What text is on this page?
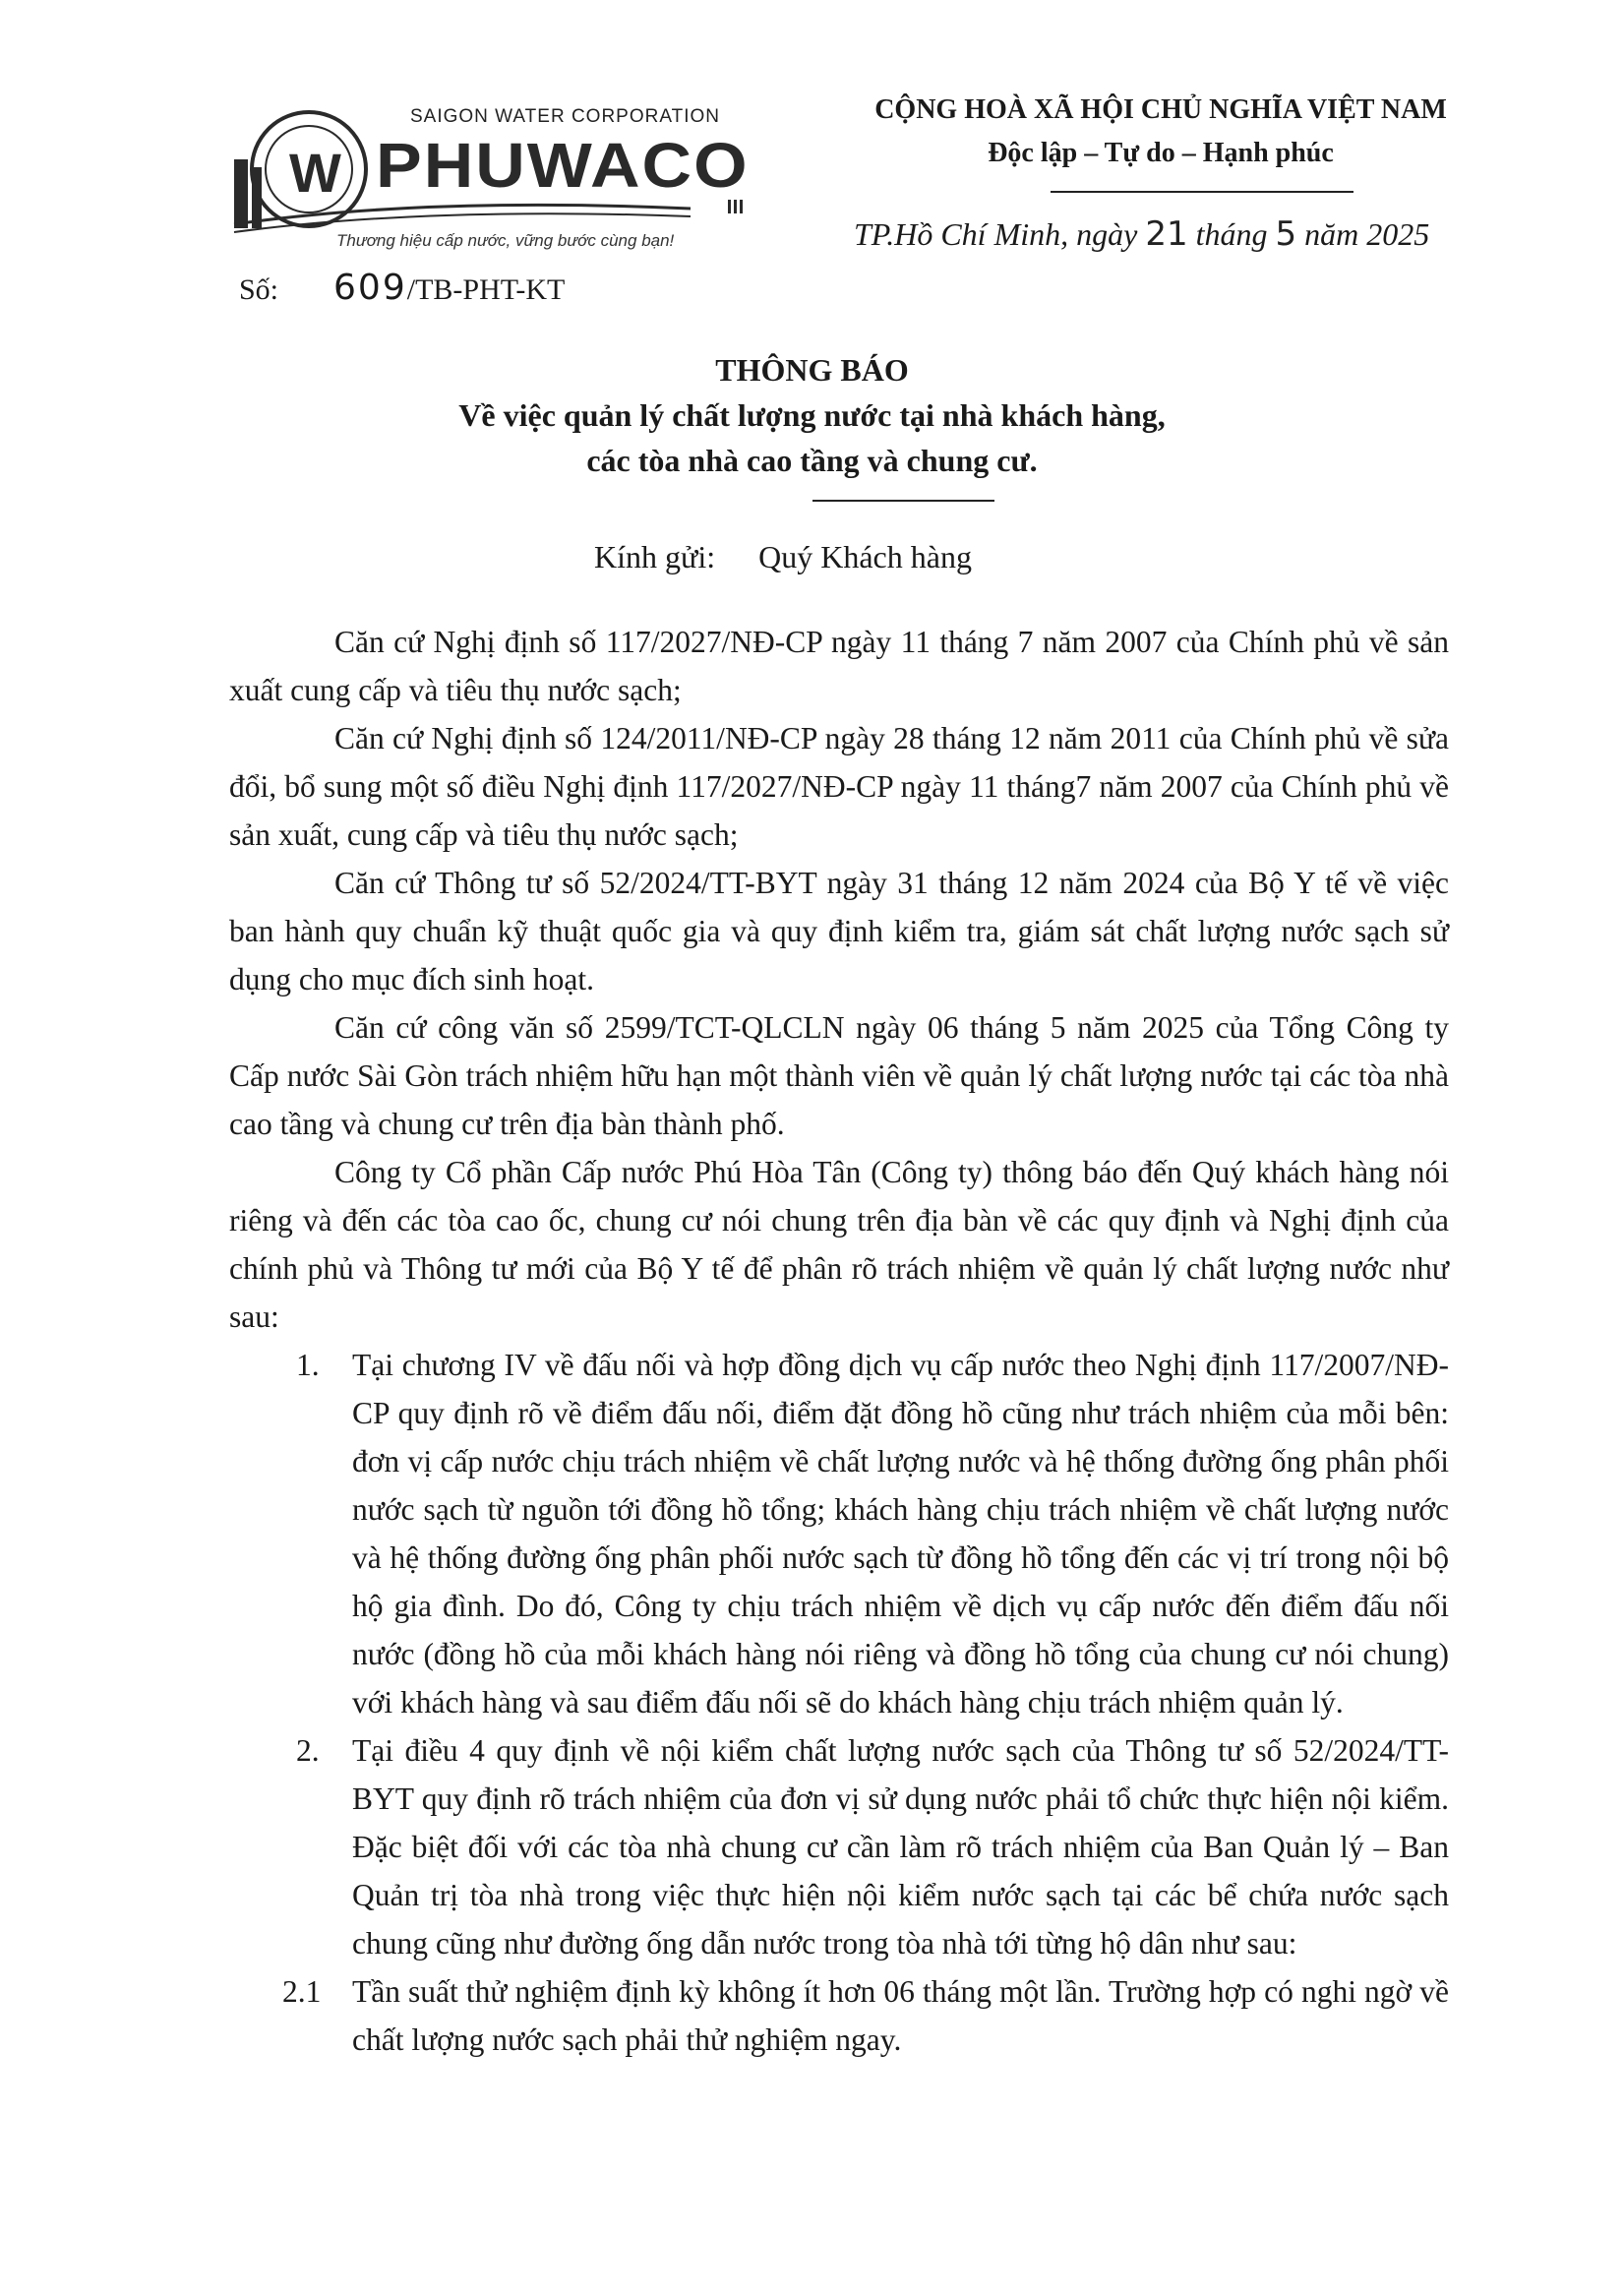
W
SAIGON WATER CORPORATION
PHUWACO
Thương hiệu cấp nước, vững bước cùng bạn!
CỘNG HOÀ XÃ HỘI CHỦ NGHĨA VIỆT NAM
Độc lập – Tự do – Hạnh phúc
TP.Hồ Chí Minh, ngày 21 tháng 5 năm 2025
Số: 609/TB-PHT-KT
THÔNG BÁO
Về việc quản lý chất lượng nước tại nhà khách hàng,
các tòa nhà cao tầng và chung cư.
Kính gửi: Quý Khách hàng

Căn cứ Nghị định số 117/2027/NĐ-CP ngày 11 tháng 7 năm 2007 của Chính phủ về sản xuất cung cấp và tiêu thụ nước sạch;

Căn cứ Nghị định số 124/2011/NĐ-CP ngày 28 tháng 12 năm 2011 của Chính phủ về sửa đổi, bổ sung một số điều Nghị định 117/2027/NĐ-CP ngày 11 tháng7 năm 2007 của Chính phủ về sản xuất, cung cấp và tiêu thụ nước sạch;

Căn cứ Thông tư số 52/2024/TT-BYT ngày 31 tháng 12 năm 2024 của Bộ Y tế về việc ban hành quy chuẩn kỹ thuật quốc gia và quy định kiểm tra, giám sát chất lượng nước sạch sử dụng cho mục đích sinh hoạt.

Căn cứ công văn số 2599/TCT-QLCLN ngày 06 tháng 5 năm 2025 của Tổng Công ty Cấp nước Sài Gòn trách nhiệm hữu hạn một thành viên về quản lý chất lượng nước tại các tòa nhà cao tầng và chung cư trên địa bàn thành phố.

Công ty Cổ phần Cấp nước Phú Hòa Tân (Công ty) thông báo đến Quý khách hàng nói riêng và đến các tòa cao ốc, chung cư nói chung trên địa bàn về các quy định và Nghị định của chính phủ và Thông tư mới của Bộ Y tế để phân rõ trách nhiệm về quản lý chất lượng nước như sau:

1. Tại chương IV về đấu nối và hợp đồng dịch vụ cấp nước theo Nghị định 117/2007/NĐ-CP quy định rõ về điểm đấu nối, điểm đặt đồng hồ cũng như trách nhiệm của mỗi bên: đơn vị cấp nước chịu trách nhiệm về chất lượng nước và hệ thống đường ống phân phối nước sạch từ nguồn tới đồng hồ tổng; khách hàng chịu trách nhiệm về chất lượng nước và hệ thống đường ống phân phối nước sạch từ đồng hồ tổng đến các vị trí trong nội bộ hộ gia đình. Do đó, Công ty chịu trách nhiệm về dịch vụ cấp nước đến điểm đấu nối nước (đồng hồ của mỗi khách hàng nói riêng và đồng hồ tổng của chung cư nói chung) với khách hàng và sau điểm đấu nối sẽ do khách hàng chịu trách nhiệm quản lý.
2. Tại điều 4 quy định về nội kiểm chất lượng nước sạch của Thông tư số 52/2024/TT-BYT quy định rõ trách nhiệm của đơn vị sử dụng nước phải tổ chức thực hiện nội kiểm. Đặc biệt đối với các tòa nhà chung cư cần làm rõ trách nhiệm của Ban Quản lý – Ban Quản trị tòa nhà trong việc thực hiện nội kiểm nước sạch tại các bể chứa nước sạch chung cũng như đường ống dẫn nước trong tòa nhà tới từng hộ dân như sau:
2.1 Tần suất thử nghiệm định kỳ không ít hơn 06 tháng một lần. Trường hợp có nghi ngờ về chất lượng nước sạch phải thử nghiệm ngay.
